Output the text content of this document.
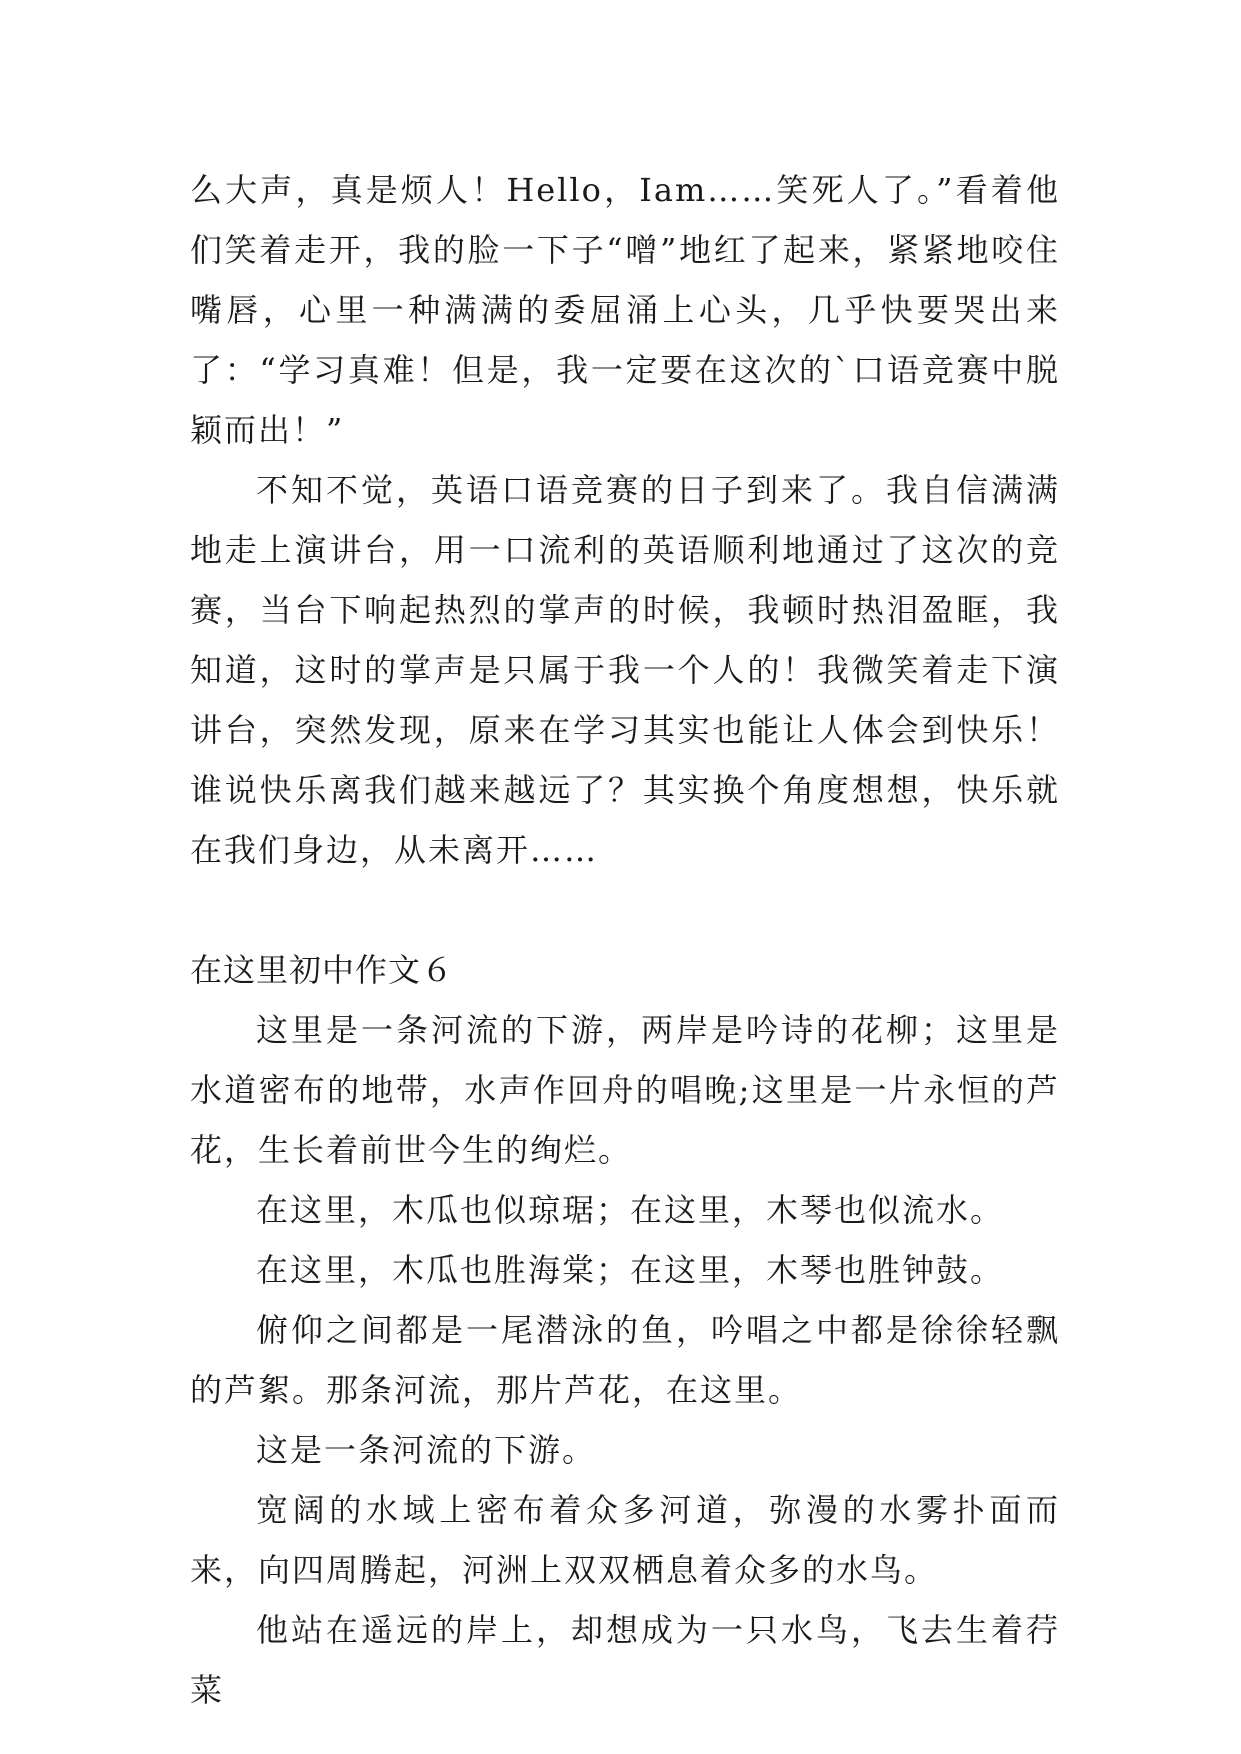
么大声，真是烦人！Hello，Iam……笑死人了。”看着他们笑着走开，我的脸一下子“噌”地红了起来，紧紧地咬住嘴唇，心里一种满满的委屈涌上心头，几乎快要哭出来了：“学习真难！但是，我一定要在这次的`口语竞赛中脱颖而出！”

不知不觉，英语口语竞赛的日子到来了。我自信满满地走上演讲台，用一口流利的英语顺利地通过了这次的竞赛，当台下响起热烈的掌声的时候，我顿时热泪盈眶，我知道，这时的掌声是只属于我一个人的！我微笑着走下演讲台，突然发现，原来在学习其实也能让人体会到快乐！谁说快乐离我们越来越远了？其实换个角度想想，快乐就在我们身边，从未离开……

在这里初中作文６

这里是一条河流的下游，两岸是吟诗的花柳；这里是水道密布的地带，水声作回舟的唱晚;这里是一片永恒的芦花，生长着前世今生的绚烂。

在这里，木瓜也似琼琚；在这里，木琴也似流水。

在这里，木瓜也胜海棠；在这里，木琴也胜钟鼓。

俯仰之间都是一尾潜泳的鱼，吟唱之中都是徐徐轻飘的芦絮。那条河流，那片芦花，在这里。

这是一条河流的下游。

宽阔的水域上密布着众多河道，弥漫的水雾扑面而来，向四周腾起，河洲上双双栖息着众多的水鸟。

他站在遥远的岸上，却想成为一只水鸟，飞去生着荇菜
